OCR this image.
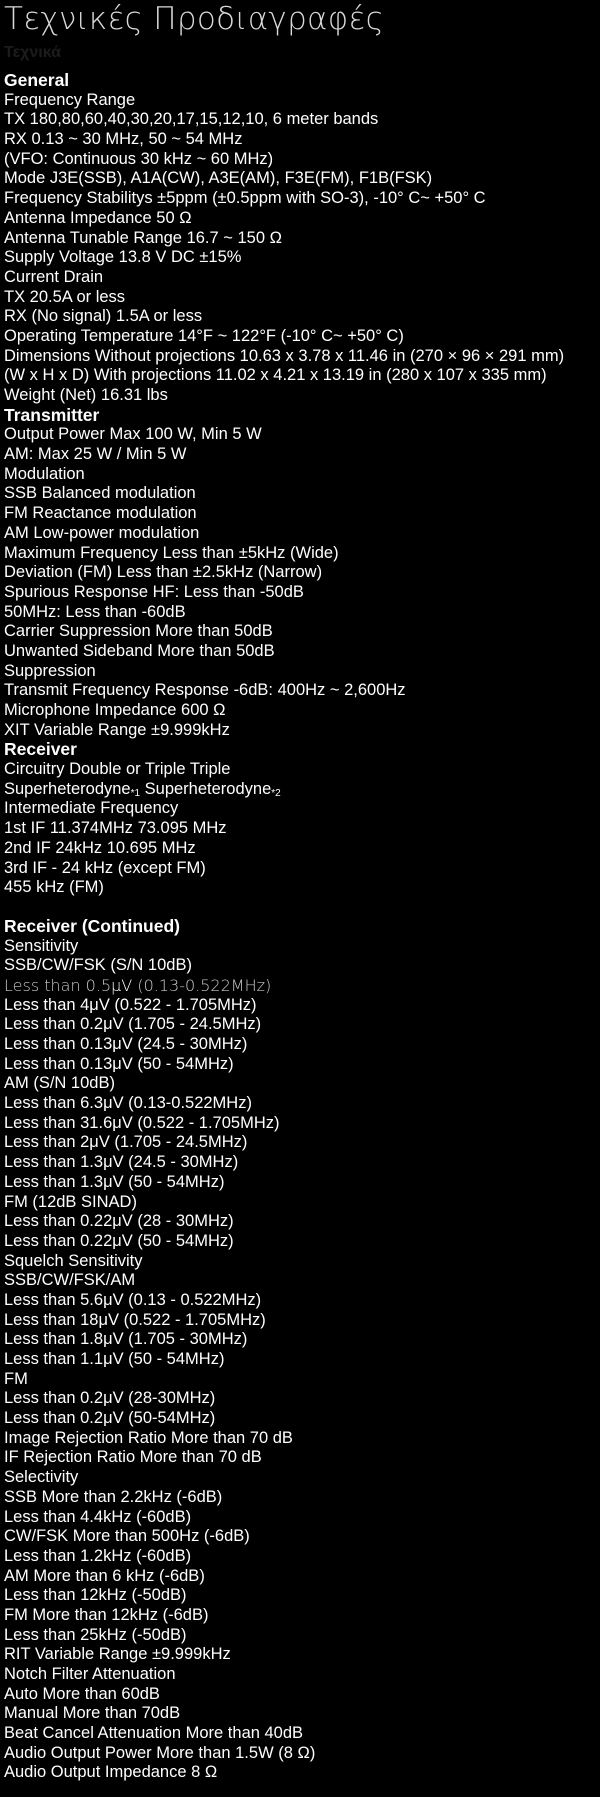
Τεχνικές Προδιαγραφές
Τεχνικά
General
Frequency Range
TX 180,80,60,40,30,20,17,15,12,10, 6 meter bands
RX 0.13 ~ 30 MHz, 50 ~ 54 MHz
(VFO: Continuous 30 kHz ~ 60 MHz)
Mode J3E(SSB), A1A(CW), A3E(AM), F3E(FM), F1B(FSK)
Frequency Stabilitys ±5ppm (±0.5ppm with SO-3), -10° C~ +50° C
Antenna Impedance 50 Ω
Antenna Tunable Range 16.7 ~ 150 Ω
Supply Voltage 13.8 V DC ±15%
Current Drain
TX 20.5A or less
RX (No signal) 1.5A or less
Operating Temperature 14°F ~ 122°F (-10° C~ +50° C)
Dimensions Without projections 10.63 x 3.78 x 11.46 in (270 × 96 × 291 mm)
(W x H x D) With projections 11.02 x 4.21 x 13.19 in (280 x 107 x 335 mm)
Weight (Net) 16.31 lbs
Transmitter
Output Power Max 100 W, Min 5 W
AM: Max 25 W / Min 5 W
Modulation
SSB Balanced modulation
FM Reactance modulation
AM Low-power modulation
Maximum Frequency Less than ±5kHz (Wide)
Deviation (FM) Less than ±2.5kHz (Narrow)
Spurious Response HF: Less than -50dB
50MHz: Less than -60dB
Carrier Suppression More than 50dB
Unwanted Sideband More than 50dB
Suppression
Transmit Frequency Response -6dB: 400Hz ~ 2,600Hz
Microphone Impedance 600 Ω
XIT Variable Range ±9.999kHz
Receiver
Circuitry Double or Triple Triple
Superheterodyne*1 Superheterodyne*2
Intermediate Frequency
1st IF 11.374MHz 73.095 MHz
2nd IF 24kHz 10.695 MHz
3rd IF - 24 kHz (except FM)
455 kHz (FM)
Receiver (Continued)
Sensitivity
SSB/CW/FSK (S/N 10dB)
Less than 0.5μV (0.13-0.522MHz)
Less than 4μV (0.522 - 1.705MHz)
Less than 0.2μV (1.705 - 24.5MHz)
Less than 0.13μV (24.5 - 30MHz)
Less than 0.13μV (50 - 54MHz)
AM (S/N 10dB)
Less than 6.3μV (0.13-0.522MHz)
Less than 31.6μV (0.522 - 1.705MHz)
Less than 2μV (1.705 - 24.5MHz)
Less than 1.3μV (24.5 - 30MHz)
Less than 1.3μV (50 - 54MHz)
FM (12dB SINAD)
Less than 0.22μV (28 - 30MHz)
Less than 0.22μV (50 - 54MHz)
Squelch Sensitivity
SSB/CW/FSK/AM
Less than 5.6μV (0.13 - 0.522MHz)
Less than 18μV (0.522 - 1.705MHz)
Less than 1.8μV (1.705 - 30MHz)
Less than 1.1μV (50 - 54MHz)
FM
Less than 0.2μV (28-30MHz)
Less than 0.2μV (50-54MHz)
Image Rejection Ratio More than 70 dB
IF Rejection Ratio More than 70 dB
Selectivity
SSB More than 2.2kHz (-6dB)
Less than 4.4kHz (-60dB)
CW/FSK More than 500Hz (-6dB)
Less than 1.2kHz (-60dB)
AM More than 6 kHz (-6dB)
Less than 12kHz (-50dB)
FM More than 12kHz (-6dB)
Less than 25kHz (-50dB)
RIT Variable Range ±9.999kHz
Notch Filter Attenuation
Auto More than 60dB
Manual More than 70dB
Beat Cancel Attenuation More than 40dB
Audio Output Power More than 1.5W (8 Ω)
Audio Output Impedance 8 Ω
